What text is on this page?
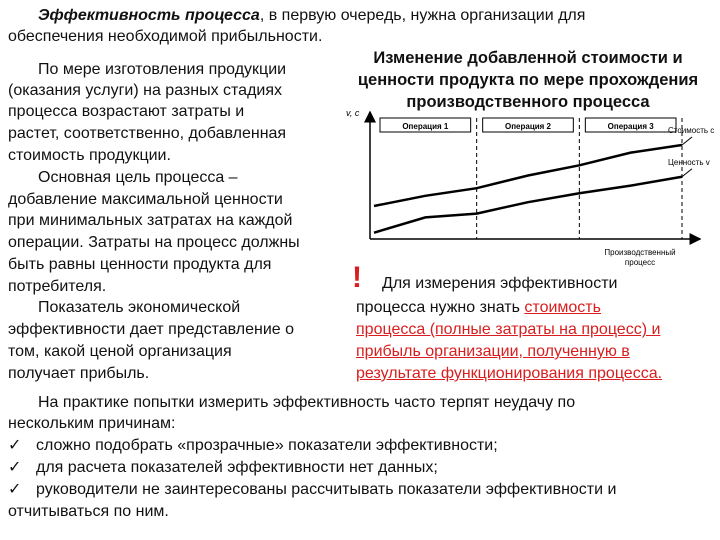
Эффективность процесса, в первую очередь, нужна организации для
обеспечения необходимой прибыльности.
По мере изготовления продукции
(оказания услуги) на разных стадиях
процесса возрастают затраты и
растет, соответственно, добавленная
стоимость продукции.
Основная цель процесса –
добавление максимальной ценности
при минимальных затратах на каждой
операции. Затраты на процесс должны
быть равны ценности продукта для
потребителя.
Показатель экономической
эффективности дает представление о
том, какой ценой организация
получает прибыль.
Изменение добавленной стоимости и
ценности продукта по мере прохождения
производственного процесса
v, c
Производственный
процесс
Операция 1	Операция 2	Операция 3 Стоимость с
Ценность v
! Для измерения эффективности
процесса нужно знать стоимость
процесса (полные затраты на процесс) и
прибыль организации, полученную в
результате функционирования процесса.
На практике попытки измерить эффективность часто терпят неудачу по
нескольким причинам:
✓ сложно подобрать «прозрачные» показатели эффективности;
✓ для расчета показателей эффективности нет данных;
✓ руководители не заинтересованы рассчитывать показатели эффективности и
отчитываться по ним.
